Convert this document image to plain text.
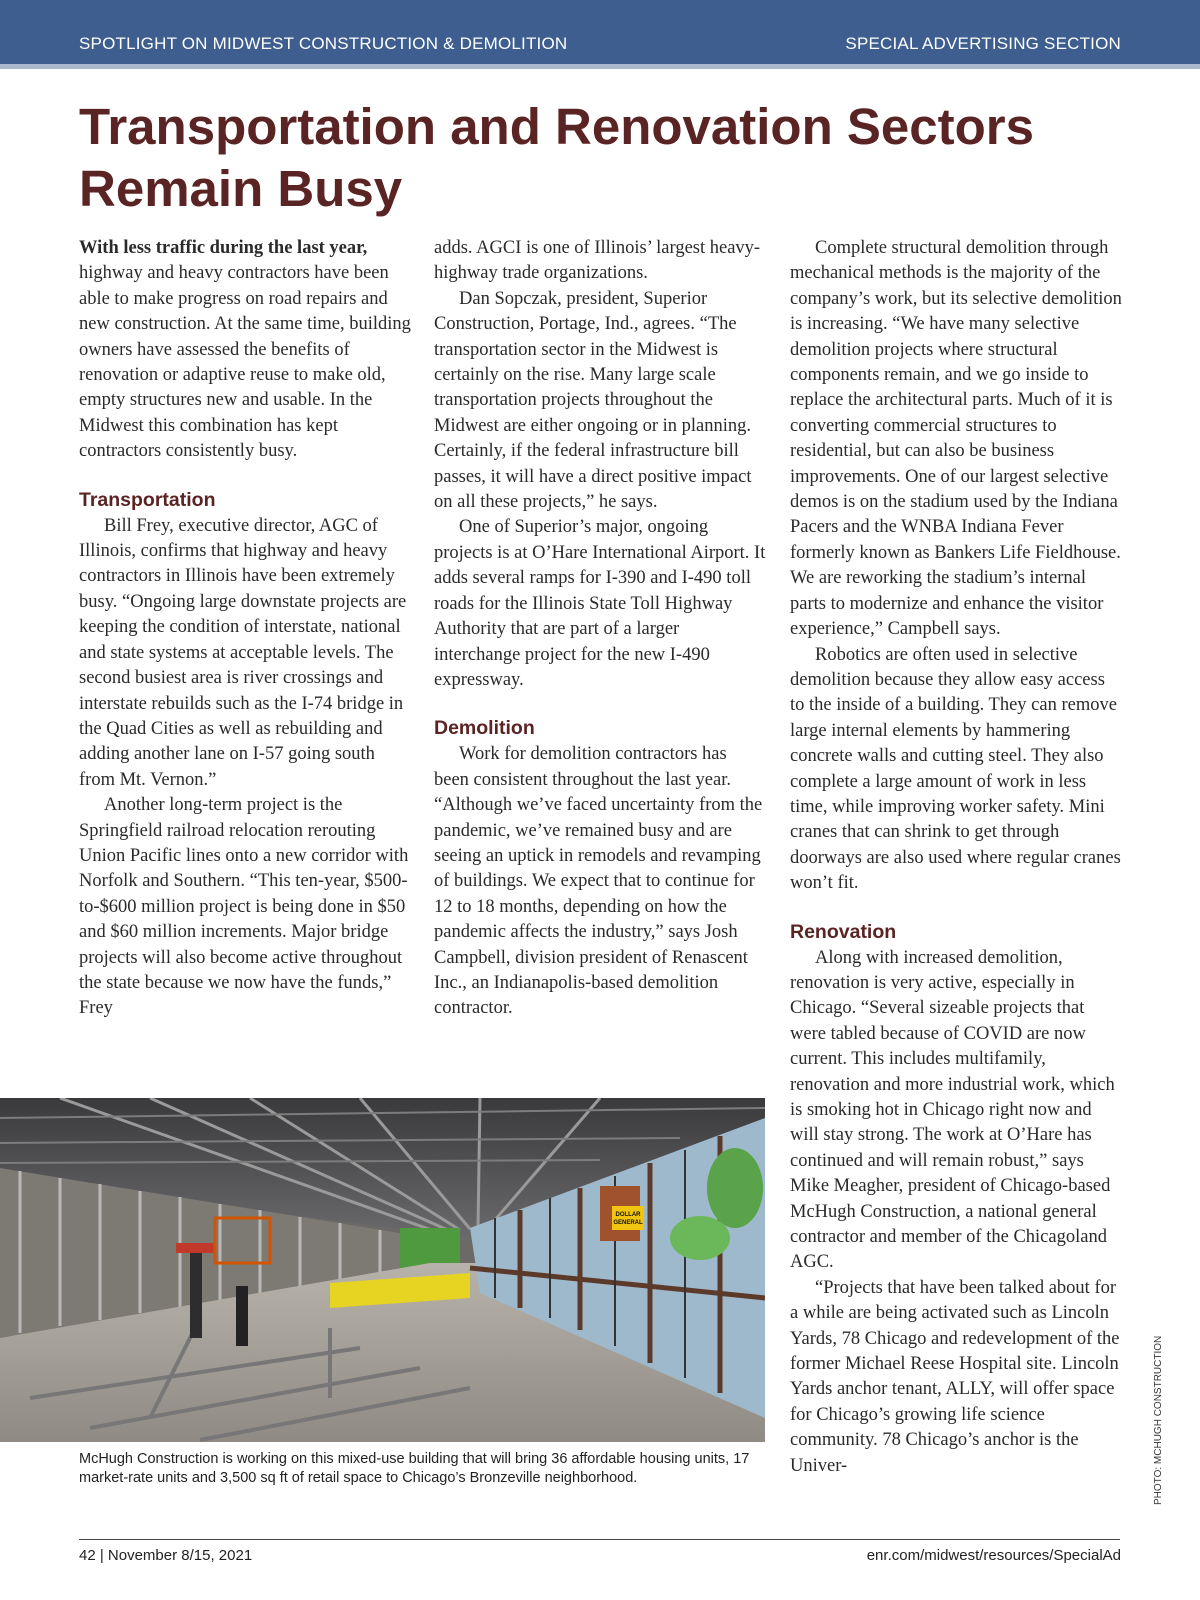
SPOTLIGHT ON MIDWEST CONSTRUCTION & DEMOLITION	SPECIAL ADVERTISING SECTION
Transportation and Renovation Sectors Remain Busy

With less traffic during the last year, highway and heavy contractors have been able to make progress on road repairs and new construction. At the same time, building owners have assessed the benefits of renovation or adaptive reuse to make old, empty structures new and usable. In the Midwest this combination has kept contractors consistently busy.

Transportation

Bill Frey, executive director, AGC of Illinois, confirms that highway and heavy contractors in Illinois have been extremely busy. “Ongoing large downstate projects are keeping the condition of interstate, national and state systems at acceptable levels. The second busiest area is river crossings and interstate rebuilds such as the I-74 bridge in the Quad Cities as well as rebuilding and adding another lane on I-57 going south from Mt. Vernon.”

Another long-term project is the Springfield railroad relocation rerouting Union Pacific lines onto a new corridor with Norfolk and Southern. “This ten-year, $500-to-$600 million project is being done in $50 and $60 million increments. Major bridge projects will also become active throughout the state because we now have the funds,” Frey

adds. AGCI is one of Illinois’ largest heavy-highway trade organizations.

Dan Sopczak, president, Superior Construction, Portage, Ind., agrees. “The transportation sector in the Midwest is certainly on the rise. Many large scale transportation projects throughout the Midwest are either ongoing or in planning. Certainly, if the federal infrastructure bill passes, it will have a direct positive impact on all these projects,” he says.

One of Superior’s major, ongoing projects is at O’Hare International Airport. It adds several ramps for I-390 and I-490 toll roads for the Illinois State Toll Highway Authority that are part of a larger interchange project for the new I-490 expressway.

Demolition

Work for demolition contractors has been consistent throughout the last year. “Although we’ve faced uncertainty from the pandemic, we’ve remained busy and are seeing an uptick in remodels and revamping of buildings. We expect that to continue for 12 to 18 months, depending on how the pandemic affects the industry,” says Josh Campbell, division president of Renascent Inc., an Indianapolis-based demolition contractor.

Complete structural demolition through mechanical methods is the majority of the company’s work, but its selective demolition is increasing. “We have many selective demolition projects where structural components remain, and we go inside to replace the architectural parts. Much of it is converting commercial structures to residential, but can also be business improvements. One of our largest selective demos is on the stadium used by the Indiana Pacers and the WNBA Indiana Fever formerly known as Bankers Life Fieldhouse. We are reworking the stadium’s internal parts to modernize and enhance the visitor experience,” Campbell says.

Robotics are often used in selective demolition because they allow easy access to the inside of a building. They can remove large internal elements by hammering concrete walls and cutting steel. They also complete a large amount of work in less time, while improving worker safety. Mini cranes that can shrink to get through doorways are also used where regular cranes won’t fit.

Renovation

Along with increased demolition, renovation is very active, especially in Chicago. “Several sizeable projects that were tabled because of COVID are now current. This includes multifamily, renovation and more industrial work, which is smoking hot in Chicago right now and will stay strong. The work at O’Hare has continued and will remain robust,” says Mike Meagher, president of Chicago-based McHugh Construction, a national general contractor and member of the Chicagoland AGC.

“Projects that have been talked about for a while are being activated such as Lincoln Yards, 78 Chicago and redevelopment of the former Michael Reese Hospital site. Lincoln Yards anchor tenant, ALLY, will offer space for Chicago’s growing life science community. 78 Chicago’s anchor is the Univer-

DOLLAR
GENERAL

McHugh Construction is working on this mixed-use building that will bring 36 affordable housing units, 17 market-rate units and 3,500 sq ft of retail space to Chicago’s Bronzeville neighborhood.	PHOTO: MCHUGH CONSTRUCTION
42 | November 8/15, 2021	enr.com/midwest/resources/SpecialAd
